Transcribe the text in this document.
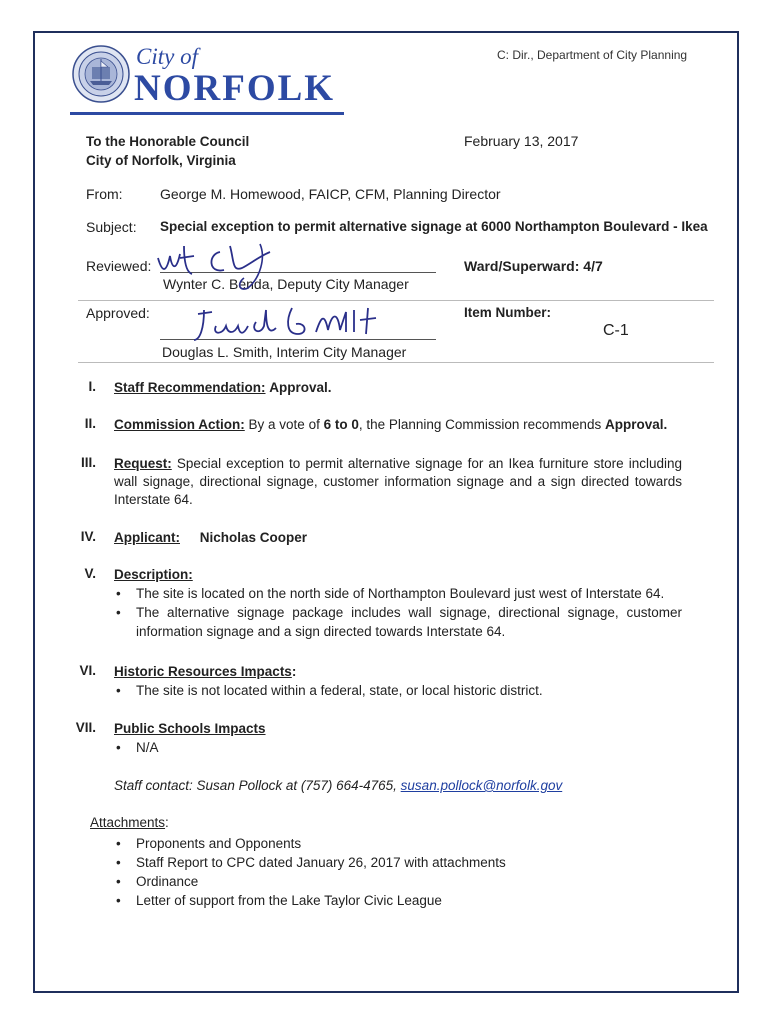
C: Dir., Department of City Planning
City of
NORFOLK
To the Honorable Council
City of Norfolk, Virginia
February 13, 2017
From:	George M. Homewood, FAICP, CFM, Planning Director
Subject: Special exception to permit alternative signage at 6000 Northampton Boulevard - Ikea
Reviewed:
Wynter C. Benda, Deputy City Manager
Ward/Superward: 4/7
Approved:
Douglas L. Smith, Interim City Manager
Item Number:
C-1
I. Staff Recommendation: Approval.
II. Commission Action: By a vote of 6 to 0, the Planning Commission recommends Approval.
III. Request: Special exception to permit alternative signage for an Ikea furniture store including wall signage, directional signage, customer information signage and a sign directed towards Interstate 64.
IV. Applicant: Nicholas Cooper
V. Description:
• The site is located on the north side of Northampton Boulevard just west of Interstate 64.
• The alternative signage package includes wall signage, directional signage, customer information signage and a sign directed towards Interstate 64.
VI. Historic Resources Impacts:
• The site is not located within a federal, state, or local historic district.
VII. Public Schools Impacts
• N/A
Staff contact: Susan Pollock at (757) 664-4765, susan.pollock@norfolk.gov
Attachments:
• Proponents and Opponents
• Staff Report to CPC dated January 26, 2017 with attachments
• Ordinance
• Letter of support from the Lake Taylor Civic League
